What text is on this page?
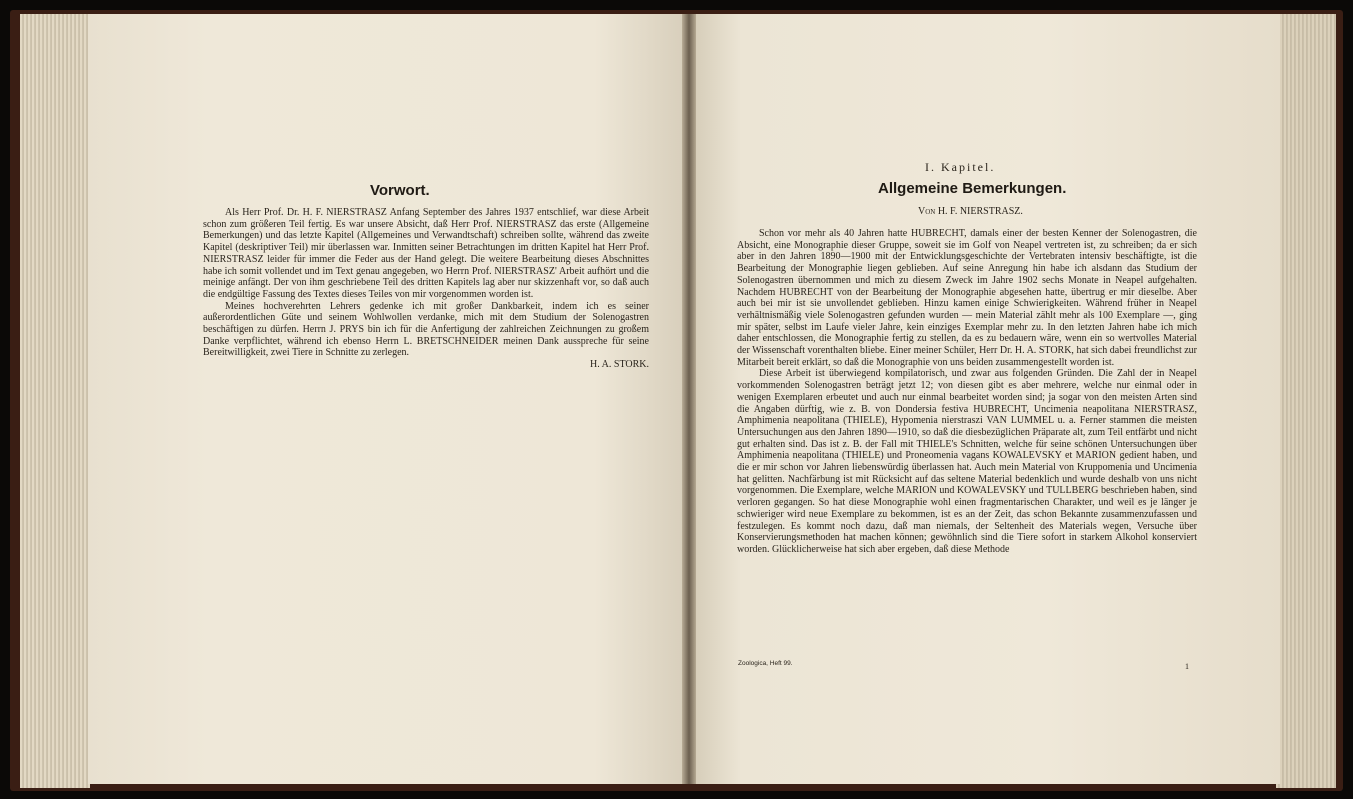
Vorwort.

Als Herr Prof. Dr. H. F. NIERSTRASZ Anfang September des Jahres 1937 entschlief, war diese Arbeit schon zum größeren Teil fertig. Es war unsere Absicht, daß Herr Prof. NIERSTRASZ das erste (Allgemeine Bemerkungen) und das letzte Kapitel (Allgemeines und Verwandtschaft) schreiben sollte, während das zweite Kapitel (deskriptiver Teil) mir überlassen war. Inmitten seiner Betrachtungen im dritten Kapitel hat Herr Prof. NIERSTRASZ leider für immer die Feder aus der Hand gelegt. Die weitere Bearbeitung dieses Abschnittes habe ich somit vollendet und im Text genau angegeben, wo Herrn Prof. NIERSTRASZ' Arbeit aufhört und die meinige anfängt. Der von ihm geschriebene Teil des dritten Kapitels lag aber nur skizzenhaft vor, so daß auch die endgültige Fassung des Textes dieses Teiles von mir vorgenommen worden ist.

Meines hochverehrten Lehrers gedenke ich mit großer Dankbarkeit, indem ich es seiner außerordentlichen Güte und seinem Wohlwollen verdanke, mich mit dem Studium der Solenogastren beschäftigen zu dürfen. Herrn J. PRYS bin ich für die Anfertigung der zahlreichen Zeichnungen zu großem Danke verpflichtet, während ich ebenso Herrn L. BRETSCHNEIDER meinen Dank ausspreche für seine Bereitwilligkeit, zwei Tiere in Schnitte zu zerlegen.

H. A. STORK.

I. Kapitel.
Allgemeine Bemerkungen.
Von H. F. NIERSTRASZ.

Schon vor mehr als 40 Jahren hatte HUBRECHT, damals einer der besten Kenner der Solenogastren, die Absicht, eine Monographie dieser Gruppe, soweit sie im Golf von Neapel vertreten ist, zu schreiben; da er sich aber in den Jahren 1890—1900 mit der Entwicklungsgeschichte der Vertebraten intensiv beschäftigte, ist die Bearbeitung der Monographie liegen geblieben. Auf seine Anregung hin habe ich alsdann das Studium der Solenogastren übernommen und mich zu diesem Zweck im Jahre 1902 sechs Monate in Neapel aufgehalten. Nachdem HUBRECHT von der Bearbeitung der Monographie abgesehen hatte, übertrug er mir dieselbe. Aber auch bei mir ist sie unvollendet geblieben. Hinzu kamen einige Schwierigkeiten. Während früher in Neapel verhältnismäßig viele Solenogastren gefunden wurden — mein Material zählt mehr als 100 Exemplare —, ging mir später, selbst im Laufe vieler Jahre, kein einziges Exemplar mehr zu. In den letzten Jahren habe ich mich daher entschlossen, die Monographie fertig zu stellen, da es zu bedauern wäre, wenn ein so wertvolles Material der Wissenschaft vorenthalten bliebe. Einer meiner Schüler, Herr Dr. H. A. STORK, hat sich dabei freundlichst zur Mitarbeit bereit erklärt, so daß die Monographie von uns beiden zusammengestellt worden ist.

Diese Arbeit ist überwiegend kompilatorisch, und zwar aus folgenden Gründen. Die Zahl der in Neapel vorkommenden Solenogastren beträgt jetzt 12; von diesen gibt es aber mehrere, welche nur einmal oder in wenigen Exemplaren erbeutet und auch nur einmal bearbeitet worden sind; ja sogar von den meisten Arten sind die Angaben dürftig, wie z. B. von Dondersia festiva HUBRECHT, Uncimenia neapolitana NIERSTRASZ, Amphimenia neapolitana (THIELE), Hypomenia nierstraszi VAN LUMMEL u. a. Ferner stammen die meisten Untersuchungen aus den Jahren 1890—1910, so daß die diesbezüglichen Präparate alt, zum Teil entfärbt und nicht gut erhalten sind. Das ist z. B. der Fall mit THIELE's Schnitten, welche für seine schönen Untersuchungen über Amphimenia neapolitana (THIELE) und Proneomenia vagans KOWALEVSKY et MARION gedient haben, und die er mir schon vor Jahren liebenswürdig überlassen hat. Auch mein Material von Kruppomenia und Uncimenia hat gelitten. Nachfärbung ist mit Rücksicht auf das seltene Material bedenklich und wurde deshalb von uns nicht vorgenommen. Die Exemplare, welche MARION und KOWALEVSKY und TULLBERG beschrieben haben, sind verloren gegangen. So hat diese Monographie wohl einen fragmentarischen Charakter, und weil es je länger je schwieriger wird neue Exemplare zu bekommen, ist es an der Zeit, das schon Bekannte zusammenzufassen und festzulegen. Es kommt noch dazu, daß man niemals, der Seltenheit des Materials wegen, Versuche über Konservierungsmethoden hat machen können; gewöhnlich sind die Tiere sofort in starkem Alkohol konserviert worden. Glücklicherweise hat sich aber ergeben, daß diese Methode

Zoologica, Heft 99.	1
